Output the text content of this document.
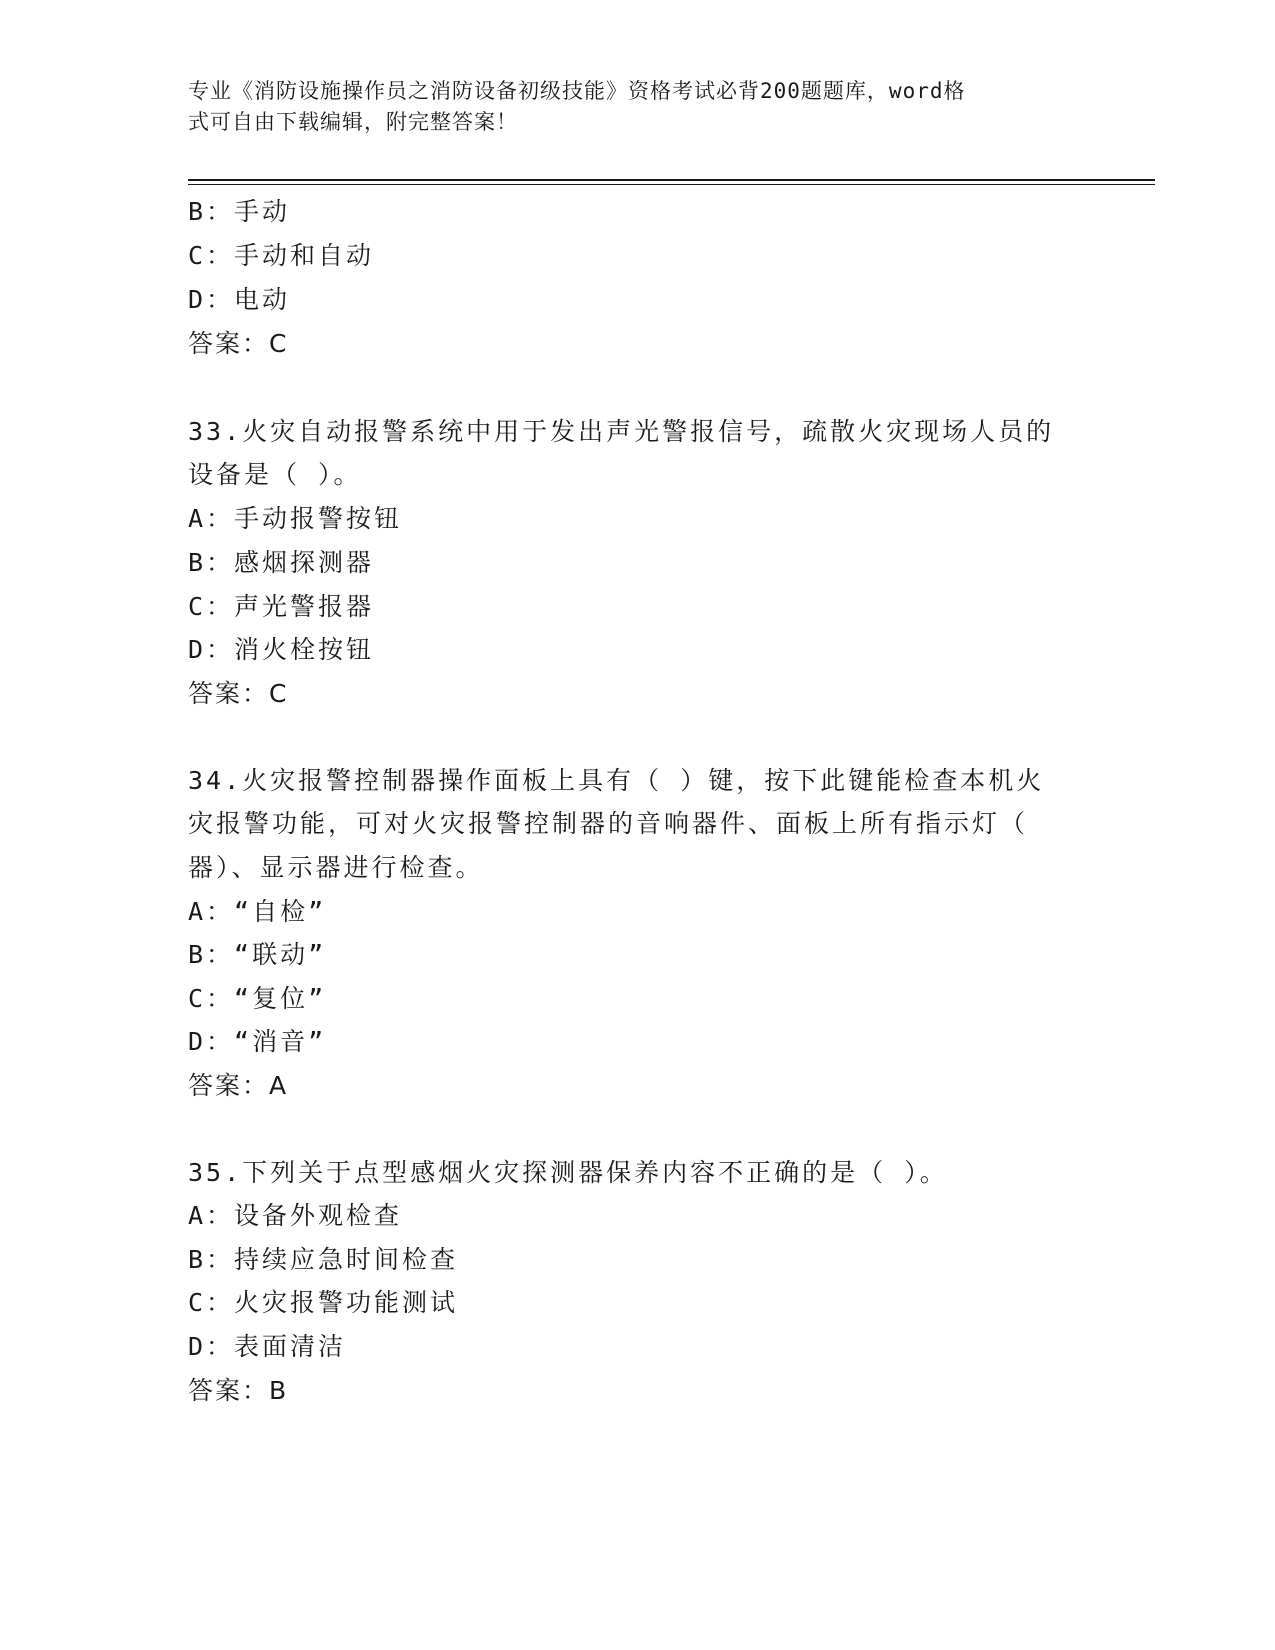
专业《消防设施操作员之消防设备初级技能》资格考试必背200题题库，word格
式可自由下载编辑，附完整答案！
B：手动
C：手动和自动
D：电动
答案：C
33.火灾自动报警系统中用于发出声光警报信号，疏散火灾现场人员的
设备是（ ）。
A：手动报警按钮
B：感烟探测器
C：声光警报器
D：消火栓按钮
答案：C
34.火灾报警控制器操作面板上具有（ ）键，按下此键能检查本机火
灾报警功能，可对火灾报警控制器的音响器件、面板上所有指示灯（
器）、显示器进行检查。
A：“自检”
B：“联动”
C：“复位”
D：“消音”
答案：A
35.下列关于点型感烟火灾探测器保养内容不正确的是（ ）。
A：设备外观检查
B：持续应急时间检查
C：火灾报警功能测试
D：表面清洁
答案：B
